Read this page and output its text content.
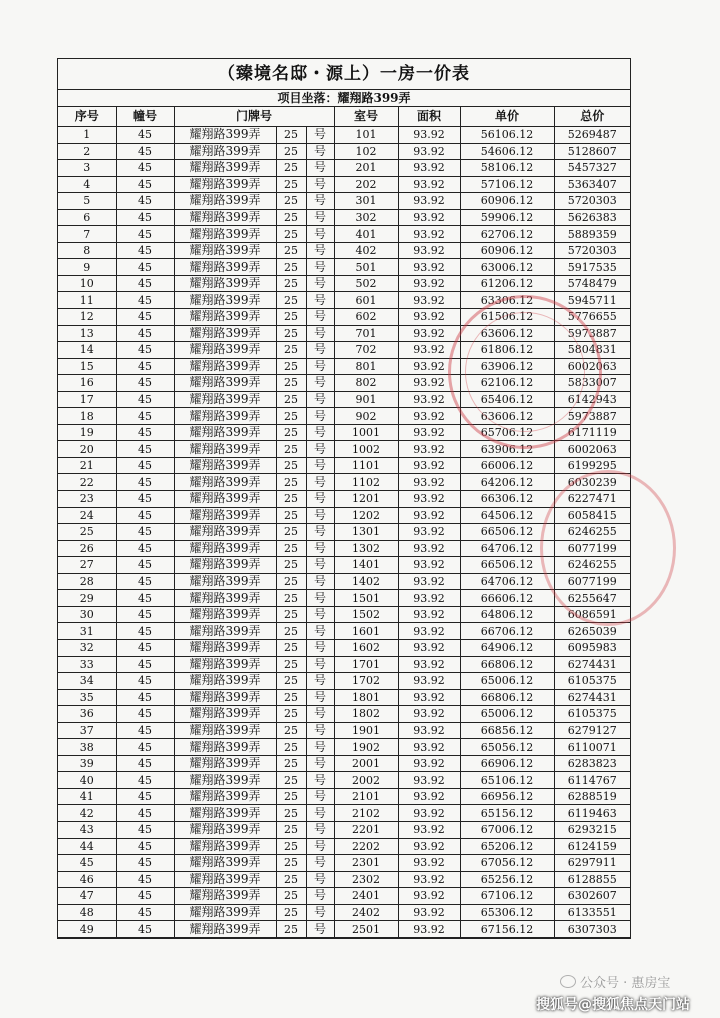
（臻境名邸・源上）一房一价表
项目坐落：耀翔路399弄
序号	幢号	门牌号			室号	面积	单价	总价
1	45	耀翔路399弄	25	号	101	93.92	56106.12	5269487
2	45	耀翔路399弄	25	号	102	93.92	54606.12	5128607
3	45	耀翔路399弄	25	号	201	93.92	58106.12	5457327
4	45	耀翔路399弄	25	号	202	93.92	57106.12	5363407
5	45	耀翔路399弄	25	号	301	93.92	60906.12	5720303
6	45	耀翔路399弄	25	号	302	93.92	59906.12	5626383
7	45	耀翔路399弄	25	号	401	93.92	62706.12	5889359
8	45	耀翔路399弄	25	号	402	93.92	60906.12	5720303
9	45	耀翔路399弄	25	号	501	93.92	63006.12	5917535
10	45	耀翔路399弄	25	号	502	93.92	61206.12	5748479
11	45	耀翔路399弄	25	号	601	93.92	63306.12	5945711
12	45	耀翔路399弄	25	号	602	93.92	61506.12	5776655
13	45	耀翔路399弄	25	号	701	93.92	63606.12	5973887
14	45	耀翔路399弄	25	号	702	93.92	61806.12	5804831
15	45	耀翔路399弄	25	号	801	93.92	63906.12	6002063
16	45	耀翔路399弄	25	号	802	93.92	62106.12	5833007
17	45	耀翔路399弄	25	号	901	93.92	65406.12	6142943
18	45	耀翔路399弄	25	号	902	93.92	63606.12	5973887
19	45	耀翔路399弄	25	号	1001	93.92	65706.12	6171119
20	45	耀翔路399弄	25	号	1002	93.92	63906.12	6002063
21	45	耀翔路399弄	25	号	1101	93.92	66006.12	6199295
22	45	耀翔路399弄	25	号	1102	93.92	64206.12	6030239
23	45	耀翔路399弄	25	号	1201	93.92	66306.12	6227471
24	45	耀翔路399弄	25	号	1202	93.92	64506.12	6058415
25	45	耀翔路399弄	25	号	1301	93.92	66506.12	6246255
26	45	耀翔路399弄	25	号	1302	93.92	64706.12	6077199
27	45	耀翔路399弄	25	号	1401	93.92	66506.12	6246255
28	45	耀翔路399弄	25	号	1402	93.92	64706.12	6077199
29	45	耀翔路399弄	25	号	1501	93.92	66606.12	6255647
30	45	耀翔路399弄	25	号	1502	93.92	64806.12	6086591
31	45	耀翔路399弄	25	号	1601	93.92	66706.12	6265039
32	45	耀翔路399弄	25	号	1602	93.92	64906.12	6095983
33	45	耀翔路399弄	25	号	1701	93.92	66806.12	6274431
34	45	耀翔路399弄	25	号	1702	93.92	65006.12	6105375
35	45	耀翔路399弄	25	号	1801	93.92	66806.12	6274431
36	45	耀翔路399弄	25	号	1802	93.92	65006.12	6105375
37	45	耀翔路399弄	25	号	1901	93.92	66856.12	6279127
38	45	耀翔路399弄	25	号	1902	93.92	65056.12	6110071
39	45	耀翔路399弄	25	号	2001	93.92	66906.12	6283823
40	45	耀翔路399弄	25	号	2002	93.92	65106.12	6114767
41	45	耀翔路399弄	25	号	2101	93.92	66956.12	6288519
42	45	耀翔路399弄	25	号	2102	93.92	65156.12	6119463
43	45	耀翔路399弄	25	号	2201	93.92	67006.12	6293215
44	45	耀翔路399弄	25	号	2202	93.92	65206.12	6124159
45	45	耀翔路399弄	25	号	2301	93.92	67056.12	6297911
46	45	耀翔路399弄	25	号	2302	93.92	65256.12	6128855
47	45	耀翔路399弄	25	号	2401	93.92	67106.12	6302607
48	45	耀翔路399弄	25	号	2402	93.92	65306.12	6133551
49	45	耀翔路399弄	25	号	2501	93.92	67156.12	6307303
公众号 · 惠房宝
搜狐号@搜狐焦点天门站
